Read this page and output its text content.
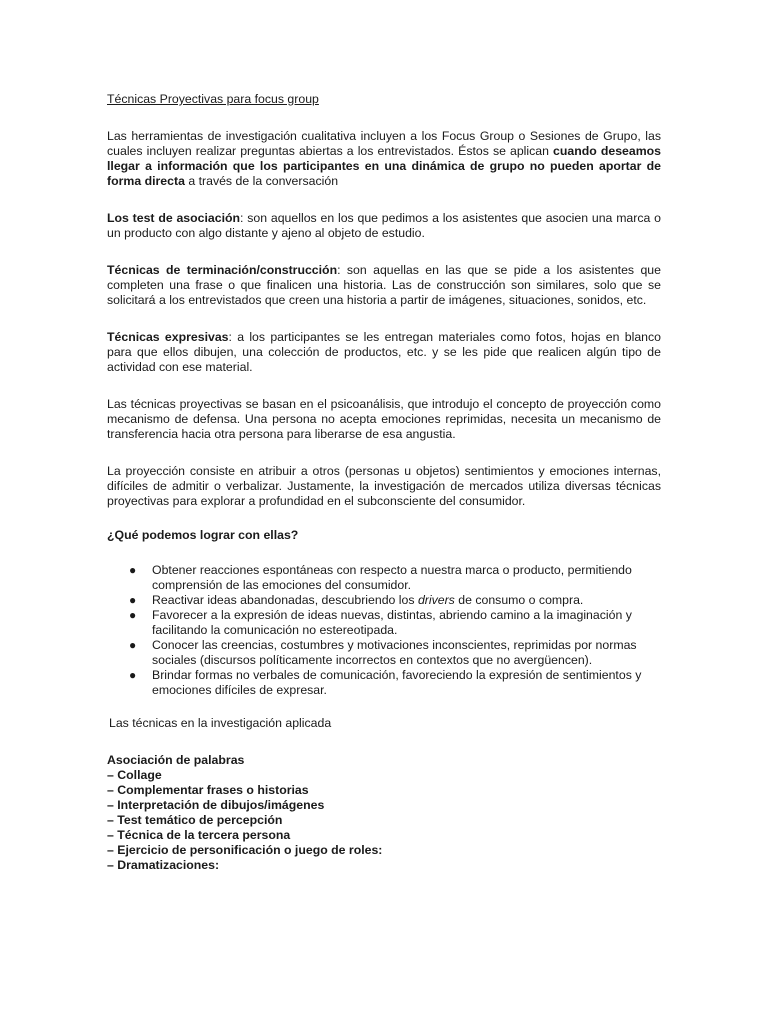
Técnicas Proyectivas para focus group

Las herramientas de investigación cualitativa incluyen a los Focus Group o Sesiones de Grupo, las cuales incluyen realizar preguntas abiertas a los entrevistados. Éstos se aplican cuando deseamos llegar a información que los participantes en una dinámica de grupo no pueden aportar de forma directa a través de la conversación

Los test de asociación: son aquellos en los que pedimos a los asistentes que asocien una marca o un producto con algo distante y ajeno al objeto de estudio.

Técnicas de terminación/construcción: son aquellas en las que se pide a los asistentes que completen una frase o que finalicen una historia. Las de construcción son similares, solo que se solicitará a los entrevistados que creen una historia a partir de imágenes, situaciones, sonidos, etc.

Técnicas expresivas: a los participantes se les entregan materiales como fotos, hojas en blanco para que ellos dibujen, una colección de productos, etc. y se les pide que realicen algún tipo de actividad con ese material.

Las técnicas proyectivas se basan en el psicoanálisis, que introdujo el concepto de proyección como mecanismo de defensa. Una persona no acepta emociones reprimidas, necesita un mecanismo de transferencia hacia otra persona para liberarse de esa angustia.

La proyección consiste en atribuir a otros (personas u objetos) sentimientos y emociones internas, difíciles de admitir o verbalizar. Justamente, la investigación de mercados utiliza diversas técnicas proyectivas para explorar a profundidad en el subconsciente del consumidor.

¿Qué podemos lograr con ellas?

● Obtener reacciones espontáneas con respecto a nuestra marca o producto, permitiendo comprensión de las emociones del consumidor.
● Reactivar ideas abandonadas, descubriendo los drivers de consumo o compra.
● Favorecer a la expresión de ideas nuevas, distintas, abriendo camino a la imaginación y facilitando la comunicación no estereotipada.
● Conocer las creencias, costumbres y motivaciones inconscientes, reprimidas por normas sociales (discursos políticamente incorrectos en contextos que no avergüencen).
● Brindar formas no verbales de comunicación, favoreciendo la expresión de sentimientos y emociones difíciles de expresar.

Las técnicas en la investigación aplicada

Asociación de palabras
– Collage
– Complementar frases o historias
– Interpretación de dibujos/imágenes
– Test temático de percepción
– Técnica de la tercera persona
– Ejercicio de personificación o juego de roles:
– Dramatizaciones:
